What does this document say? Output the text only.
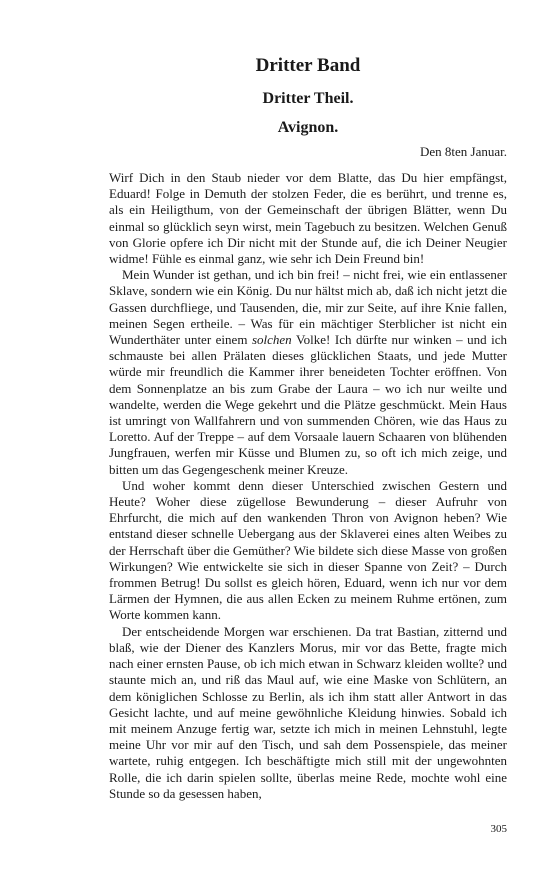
Dritter Band
Dritter Theil.
Avignon.

Den 8ten Januar.

Wirf Dich in den Staub nieder vor dem Blatte, das Du hier empfängst, Eduard! Folge in Demuth der stolzen Feder, die es berührt, und trenne es, als ein Heiligthum, von der Gemeinschaft der übrigen Blätter, wenn Du einmal so glücklich seyn wirst, mein Tagebuch zu besitzen. Welchen Genuß von Glorie opfere ich Dir nicht mit der Stunde auf, die ich Deiner Neugier widme! Fühle es einmal ganz, wie sehr ich Dein Freund bin!

Mein Wunder ist gethan, und ich bin frei! – nicht frei, wie ein entlassener Sklave, sondern wie ein König. Du nur hältst mich ab, daß ich nicht jetzt die Gassen durchfliege, und Tausenden, die, mir zur Seite, auf ihre Knie fallen, meinen Segen ertheile. – Was für ein mächtiger Sterblicher ist nicht ein Wunderthäter unter einem solchen Volke! Ich dürfte nur winken – und ich schmauste bei allen Prälaten dieses glücklichen Staats, und jede Mutter würde mir freundlich die Kammer ihrer beneideten Tochter eröffnen. Von dem Sonnenplatze an bis zum Grabe der Laura – wo ich nur weilte und wandelte, werden die Wege gekehrt und die Plätze geschmückt. Mein Haus ist umringt von Wallfahrern und von summenden Chören, wie das Haus zu Loretto. Auf der Treppe – auf dem Vorsaale lauern Schaaren von blühenden Jungfrauen, werfen mir Küsse und Blumen zu, so oft ich mich zeige, und bitten um das Gegengeschenk meiner Kreuze.

Und woher kommt denn dieser Unterschied zwischen Gestern und Heute? Woher diese zügellose Bewunderung – dieser Aufruhr von Ehrfurcht, die mich auf den wankenden Thron von Avignon heben? Wie entstand dieser schnelle Uebergang aus der Sklaverei eines alten Weibes zu der Herrschaft über die Gemüther? Wie bildete sich diese Masse von großen Wirkungen? Wie entwickelte sie sich in dieser Spanne von Zeit? – Durch frommen Betrug! Du sollst es gleich hören, Eduard, wenn ich nur vor dem Lärmen der Hymnen, die aus allen Ecken zu meinem Ruhme ertönen, zum Worte kommen kann.

Der entscheidende Morgen war erschienen. Da trat Bastian, zitternd und blaß, wie der Diener des Kanzlers Morus, mir vor das Bette, fragte mich nach einer ernsten Pause, ob ich mich etwan in Schwarz kleiden wollte? und staunte mich an, und riß das Maul auf, wie eine Maske von Schlütern, an dem königlichen Schlosse zu Berlin, als ich ihm statt aller Antwort in das Gesicht lachte, und auf meine gewöhnliche Kleidung hinwies. Sobald ich mit meinem Anzuge fertig war, setzte ich mich in meinen Lehnstuhl, legte meine Uhr vor mir auf den Tisch, und sah dem Possenspiele, das meiner wartete, ruhig entgegen. Ich beschäftigte mich still mit der ungewohnten Rolle, die ich darin spielen sollte, überlas meine Rede, mochte wohl eine Stunde so da gesessen haben,

305
